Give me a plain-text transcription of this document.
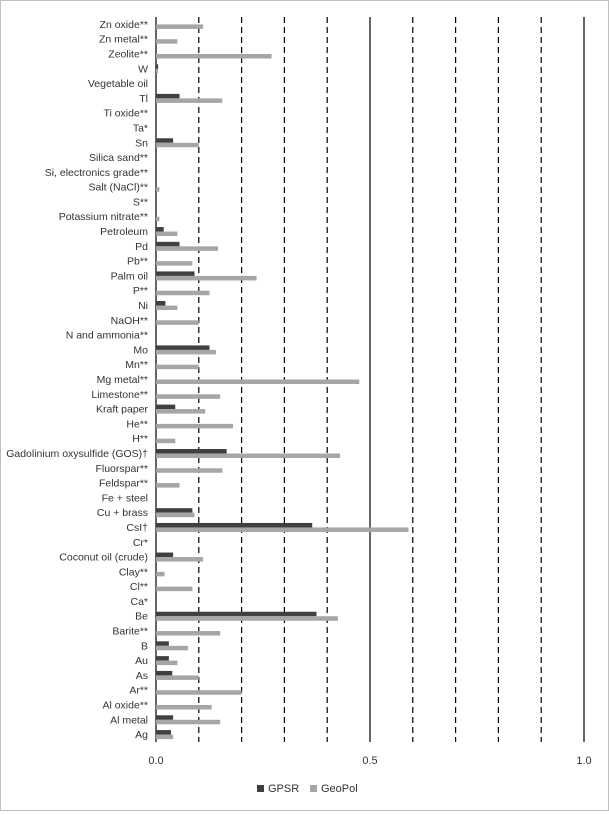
Zn oxide**
Zn metal**
Zeolite**
W
Vegetable oil
Tl
Ti oxide**
Ta*
Sn
Silica sand**
Si, electronics grade**
Salt (NaCl)**
S**
Potassium nitrate**
Petroleum
Pd
Pb**
Palm oil
P**
Ni
NaOH**
N and ammonia**
Mo
Mn**
Mg metal**
Limestone**
Kraft paper
He**
H**
Gadolinium oxysulfide (GOS)†
Fluorspar**
Feldspar**
Fe + steel
Cu + brass
CsI†
Cr*
Coconut oil (crude)
Clay**
Cl**
Ca*
Be
Barite**
B
Au
As
Ar**
Al oxide**
Al metal
Ag
0.0	0.5	1.0
GPSR GeoPol
